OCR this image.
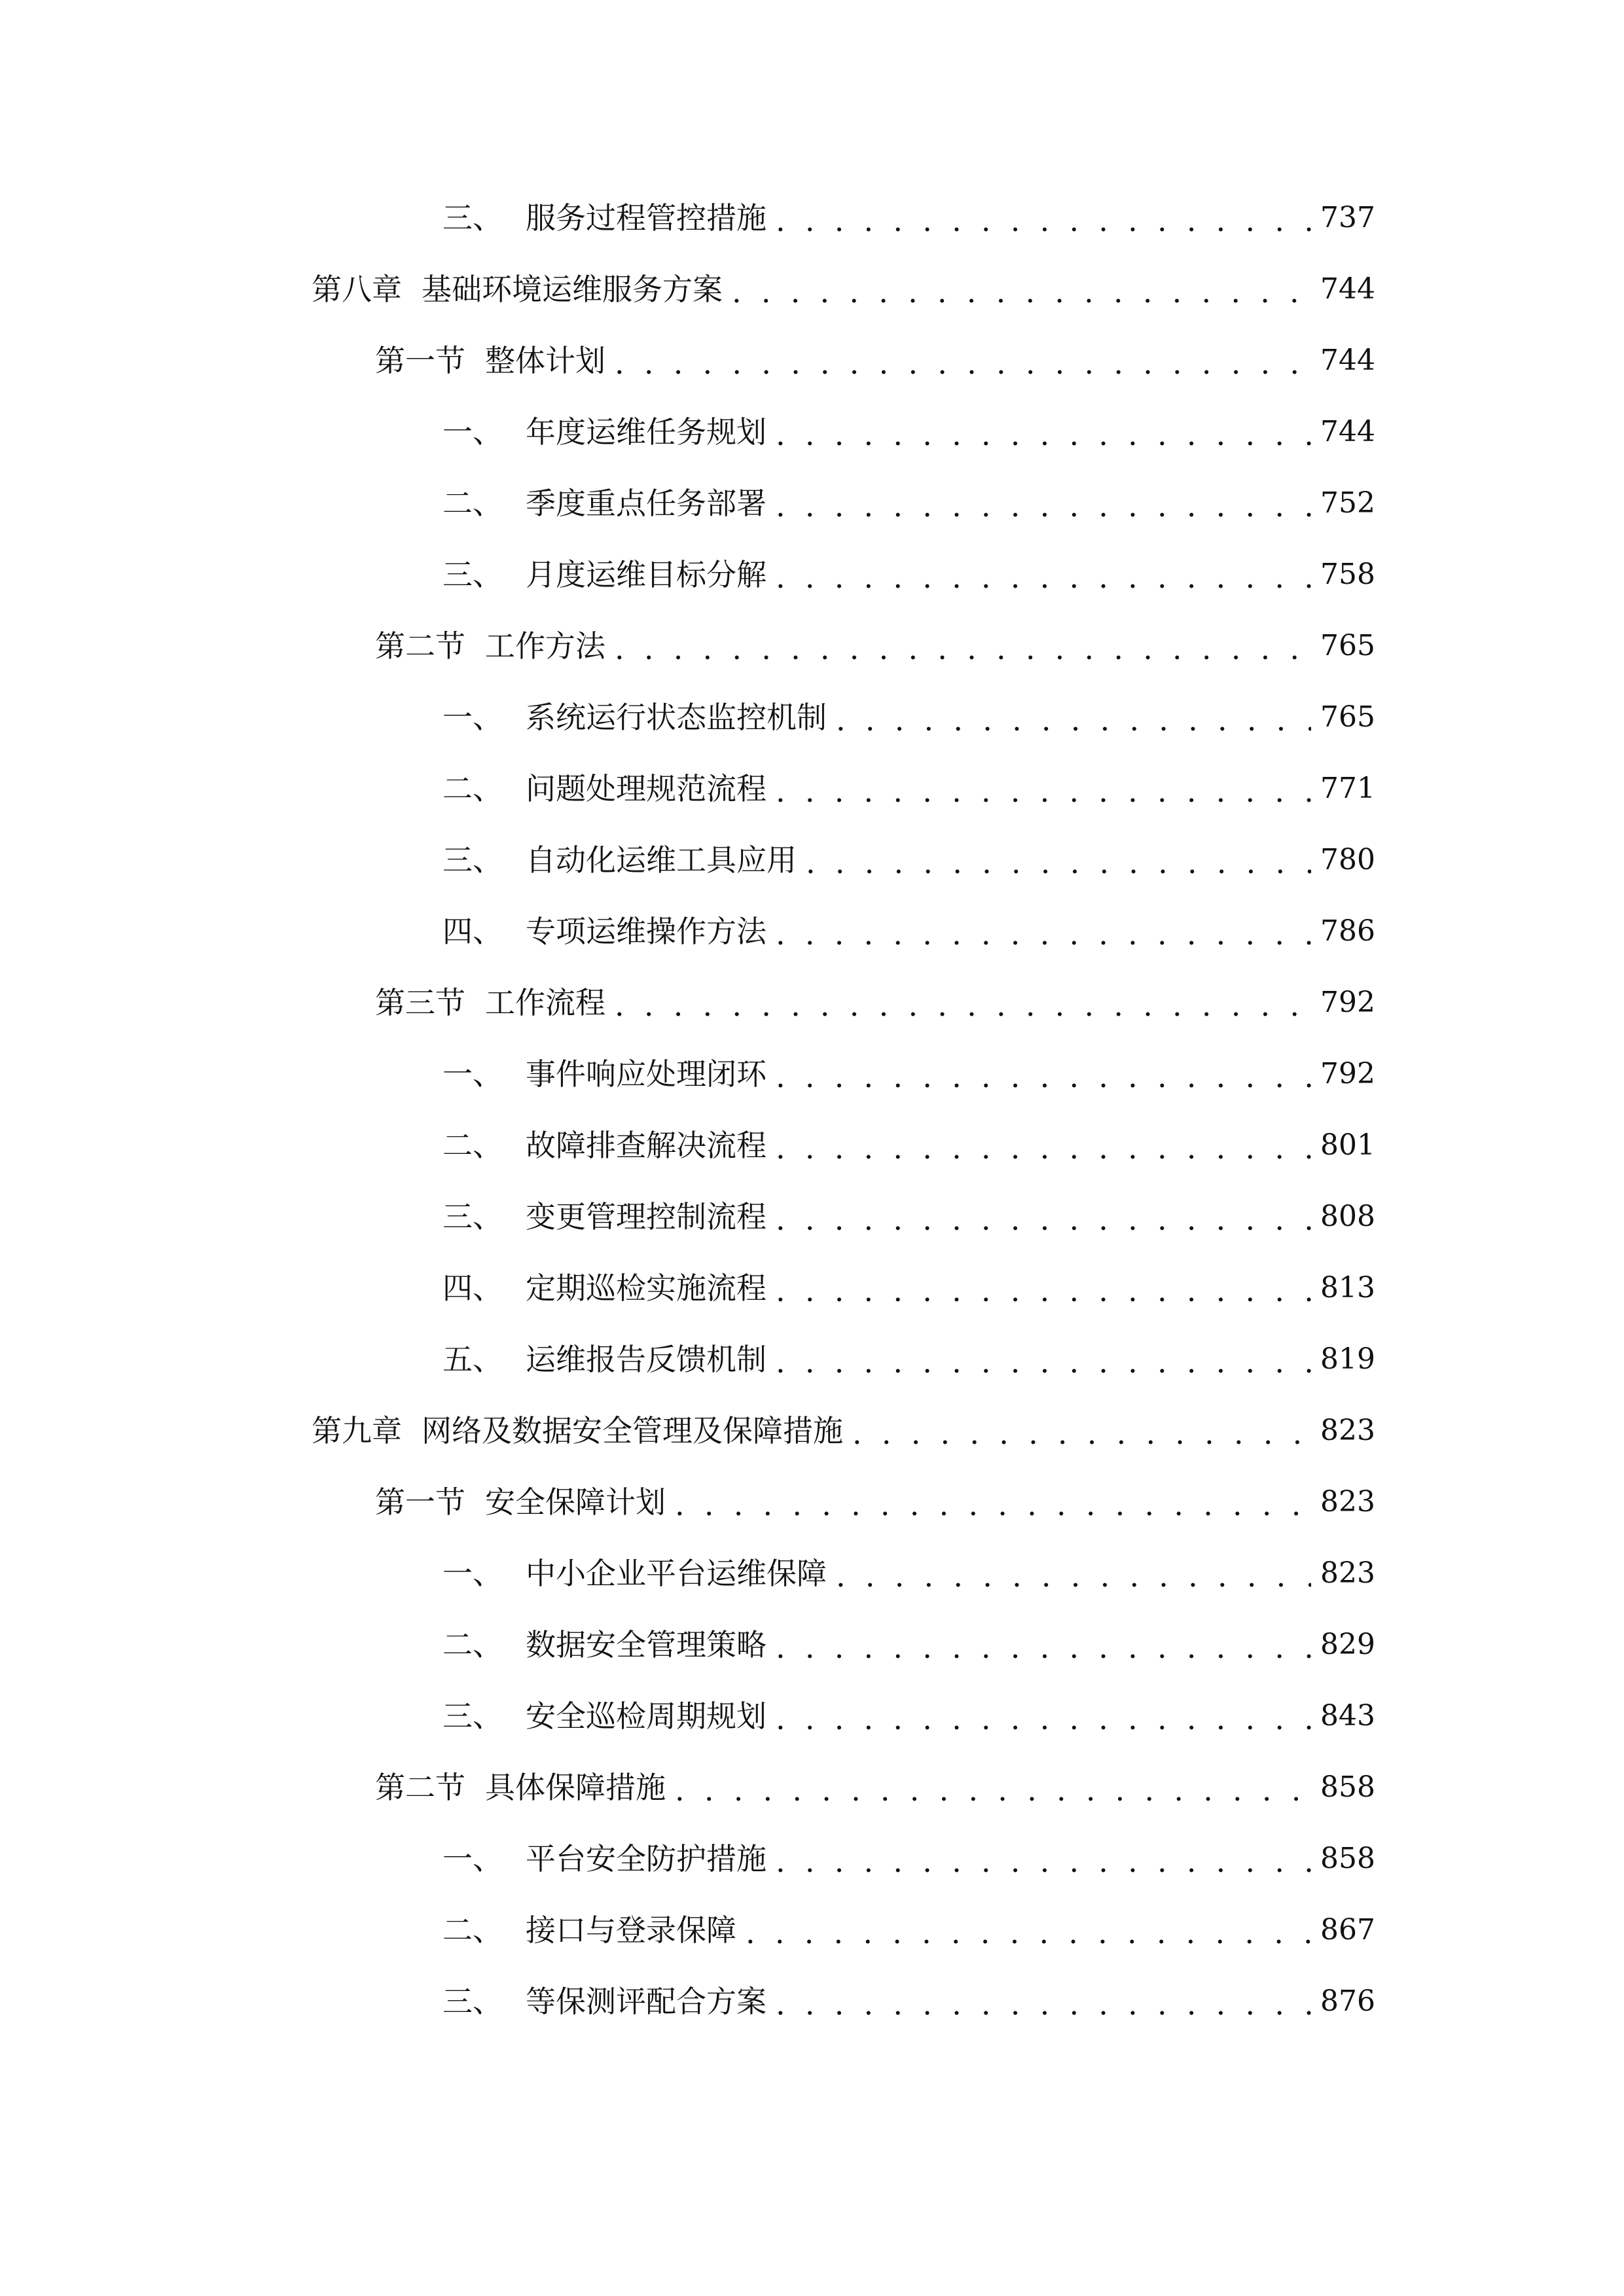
三、 服务过程管控措施 . . .	737
第八章 基础环境运维服务方案 . . .	744
第一节 整体计划 . . .	744
一、 年度运维任务规划 . . .	744
二、 季度重点任务部署 . . .	752
三、 月度运维目标分解 . . .	758
第二节 工作方法 . . .	765
一、 系统运行状态监控机制 . . .	765
二、 问题处理规范流程 . . .	771
三、 自动化运维工具应用 . . .	780
四、 专项运维操作方法 . . .	786
第三节 工作流程 . . .	792
一、 事件响应处理闭环 . . .	792
二、 故障排查解决流程 . . .	801
三、 变更管理控制流程 . . .	808
四、 定期巡检实施流程 . . .	813
五、 运维报告反馈机制 . . .	819
第九章 网络及数据安全管理及保障措施 . . .	823
第一节 安全保障计划 . . .	823
一、 中小企业平台运维保障 . . .	823
二、 数据安全管理策略 . . .	829
三、 安全巡检周期规划 . . .	843
第二节 具体保障措施 . . .	858
一、 平台安全防护措施 . . .	858
二、 接口与登录保障 . . .	867
三、 等保测评配合方案 . . .	876
